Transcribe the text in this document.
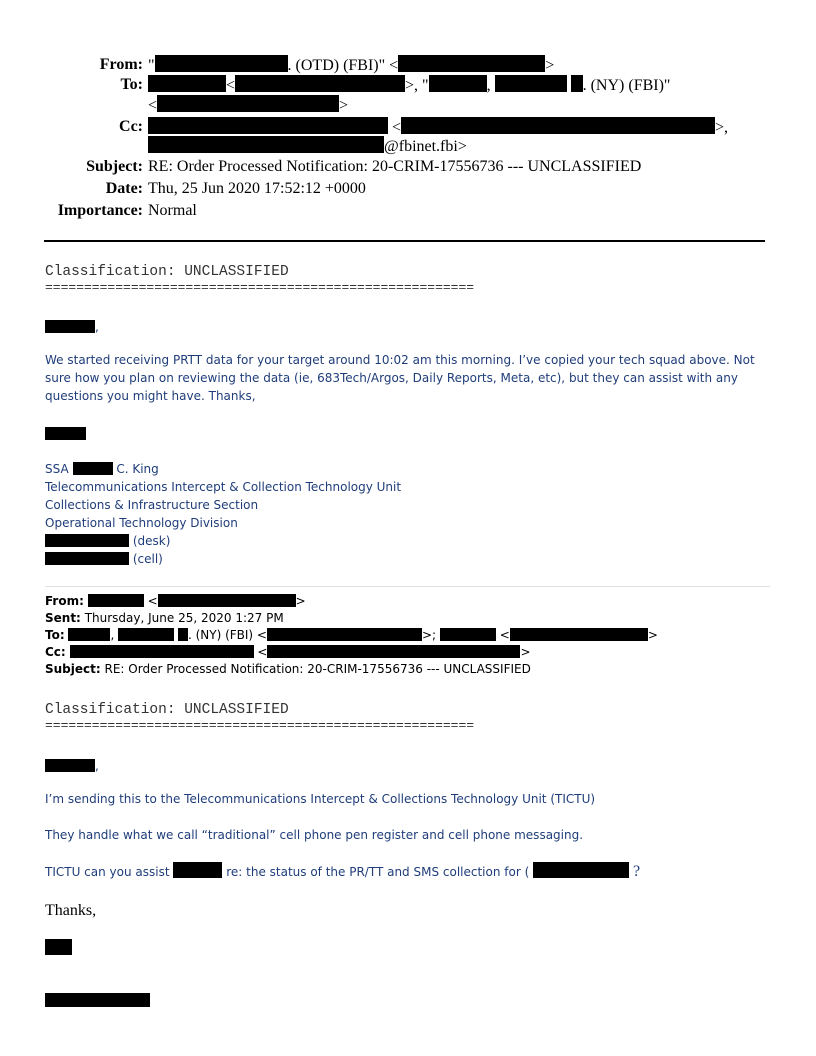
From: "	. (OTD) (FBI)" <	>
To:	<	>, "	,	. (NY) (FBI)"
<	>
Cc:	<	>,
@fbinet.fbi>
Subject: RE: Order Processed Notification: 20-CRIM-17556736 --- UNCLASSIFIED
Date: Thu, 25 Jun 2020 17:52:12 +0000
Importance: Normal
Classification: UNCLASSIFIED
=======================================================
,
We started receiving PRTT data for your target around 10:02 am this morning. I’ve copied your tech squad above. Not sure how you plan on reviewing the data (ie, 683Tech/Argos, Daily Reports, Meta, etc), but they can assist with any questions you might have. Thanks,
SSA	C. King
Telecommunications Intercept & Collection Technology Unit
Collections & Infrastructure Section
Operational Technology Division
(desk)
(cell)
From:	<	>
Sent: Thursday, June 25, 2020 1:27 PM
To:	,	. (NY) (FBI) <	>;	<	>
Cc:	<	>
Subject: RE: Order Processed Notification: 20-CRIM-17556736 --- UNCLASSIFIED
Classification: UNCLASSIFIED
=======================================================
,
I’m sending this to the Telecommunications Intercept & Collections Technology Unit (TICTU)
They handle what we call “traditional” cell phone pen register and cell phone messaging.
TICTU can you assist	re: the status of the PR/TT and SMS collection for (	?
Thanks,
